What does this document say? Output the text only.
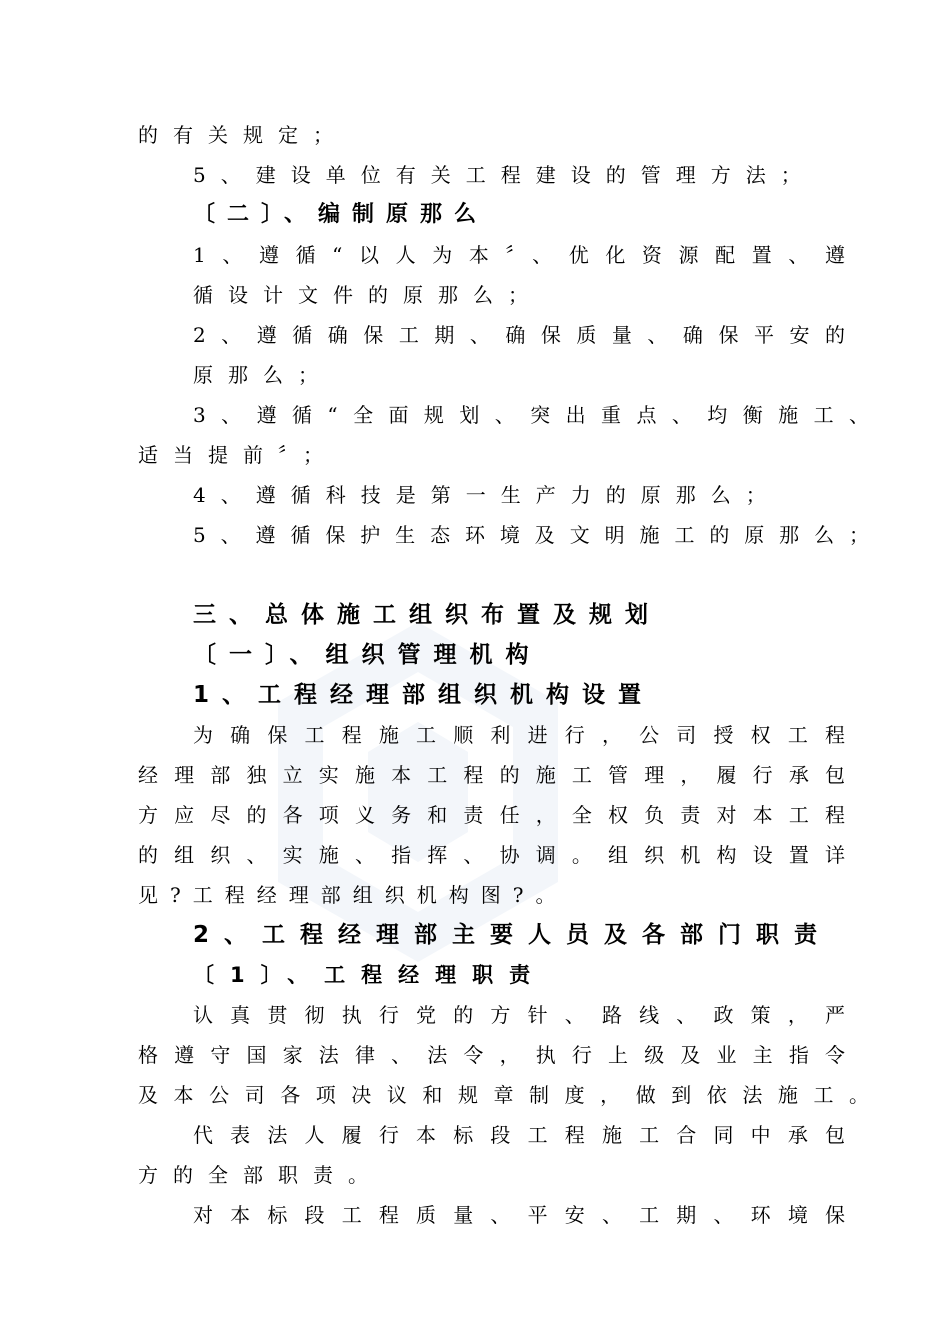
的有关规定；
5、建设单位有关工程建设的管理方法；
〔二〕、编制原那么
1、遵循“以人为本〞、优化资源配置、遵
循设计文件的原那么；
2、遵循确保工期、确保质量、确保平安的
原那么；
3、遵循“全面规划、突出重点、均衡施工、
适当提前〞；
4、遵循科技是第一生产力的原那么；
5、遵循保护生态环境及文明施工的原那么；
三、总体施工组织布置及规划
〔一〕、组织管理机构
1、工程经理部组织机构设置
为确保工程施工顺利进行，公司授权工程
经理部独立实施本工程的施工管理，履行承包
方应尽的各项义务和责任，全权负责对本工程
的组织、实施、指挥、协调。组织机构设置详
见?工程经理部组织机构图?。
2、工程经理部主要人员及各部门职责
〔1〕、工程经理职责
认真贯彻执行党的方针、路线、政策，严
格遵守国家法律、法令，执行上级及业主指令
及本公司各项决议和规章制度，做到依法施工。
代表法人履行本标段工程施工合同中承包
方的全部职责。
对本标段工程质量、平安、工期、环境保
